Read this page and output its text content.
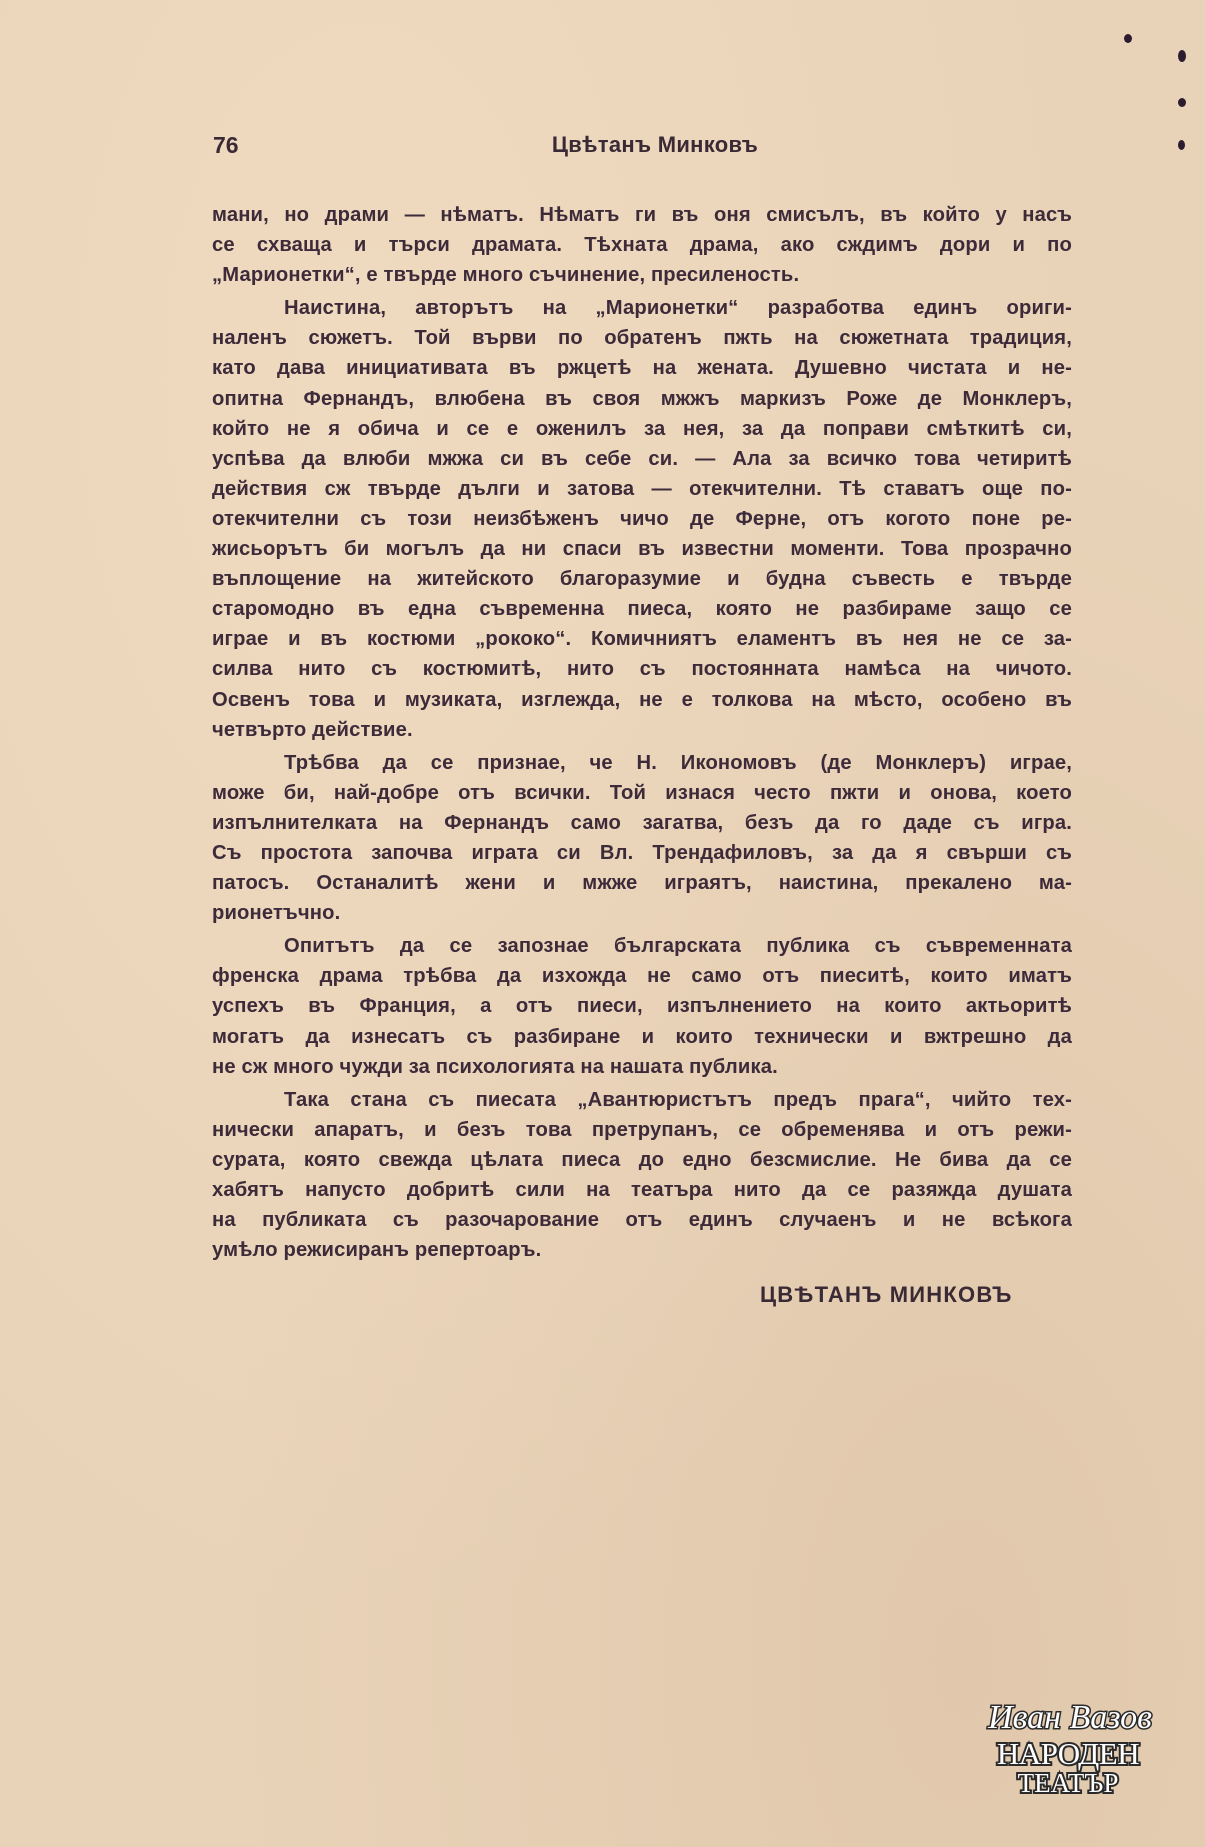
76	Цвѣтанъ Минковъ

мани, но драми — нѣматъ. Нѣматъ ги въ оня смисълъ, въ който у насъ
се схваща и търси драмата. Тѣхната драма, ако сждимъ дори и по
„Марионетки“, е твърде много съчинение, пресиленость.

Наистина, авторътъ на „Марионетки“ разработва единъ ориги-
наленъ сюжетъ. Той върви по обратенъ пжть на сюжетната традиция,
като дава инициативата въ ржцетѣ на жената. Душевно чистата и не-
опитна Фернандъ, влюбена въ своя мжжъ маркизъ Роже де Монклеръ,
който не я обича и се е оженилъ за нея, за да поправи смѣткитѣ си,
успѣва да влюби мжжа си въ себе си. — Ала за всичко това четиритѣ
действия сж твърде дълги и затова — отекчителни. Тѣ ставатъ още по-
отекчителни съ този неизбѣженъ чичо де Ферне, отъ когото поне ре-
жисьорътъ би могълъ да ни спаси въ известни моменти. Това прозрачно
въплощение на житейското благоразумие и будна съвесть е твърде
старомодно въ една съвременна пиеса, която не разбираме защо се
играе и въ костюми „рококо“. Комичниятъ еламентъ въ нея не се за-
силва нито съ костюмитѣ, нито съ постоянната намѣса на чичото.
Освенъ това и музиката, изглежда, не е толкова на мѣсто, особено въ
четвърто действие.

Трѣбва да се признае, че Н. Икономовъ (де Монклеръ) играе,
може би, най-добре отъ всички. Той изнася често пжти и онова, което
изпълнителката на Фернандъ само загатва, безъ да го даде съ игра.
Съ простота започва играта си Вл. Трендафиловъ, за да я свърши съ
патосъ. Останалитѣ жени и мжже играятъ, наистина, прекалено ма-
рионетъчно.

Опитътъ да се запознае българската публика съ съвременната
френска драма трѣбва да изхожда не само отъ пиеситѣ, които иматъ
успехъ въ Франция, а отъ пиеси, изпълнението на които актьоритѣ
могатъ да изнесатъ съ разбиране и които технически и вжтрешно да
не сж много чужди за психологията на нашата публика.

Така стана съ пиесата „Авантюристътъ предъ прага“, чийто тех-
нически апаратъ, и безъ това претрупанъ, се обременява и отъ режи-
сурата, която свежда цѣлата пиеса до едно безсмислие. Не бива да се
хабятъ напусто добритѣ сили на театъра нито да се разяжда душата
на публиката съ разочарование отъ единъ случаенъ и не всѣкога
умѣло режисиранъ репертоаръ.

ЦВѢТАНЪ МИНКОВЪ
Иван Вазов
НАРОДЕН
ТЕАТЪР
